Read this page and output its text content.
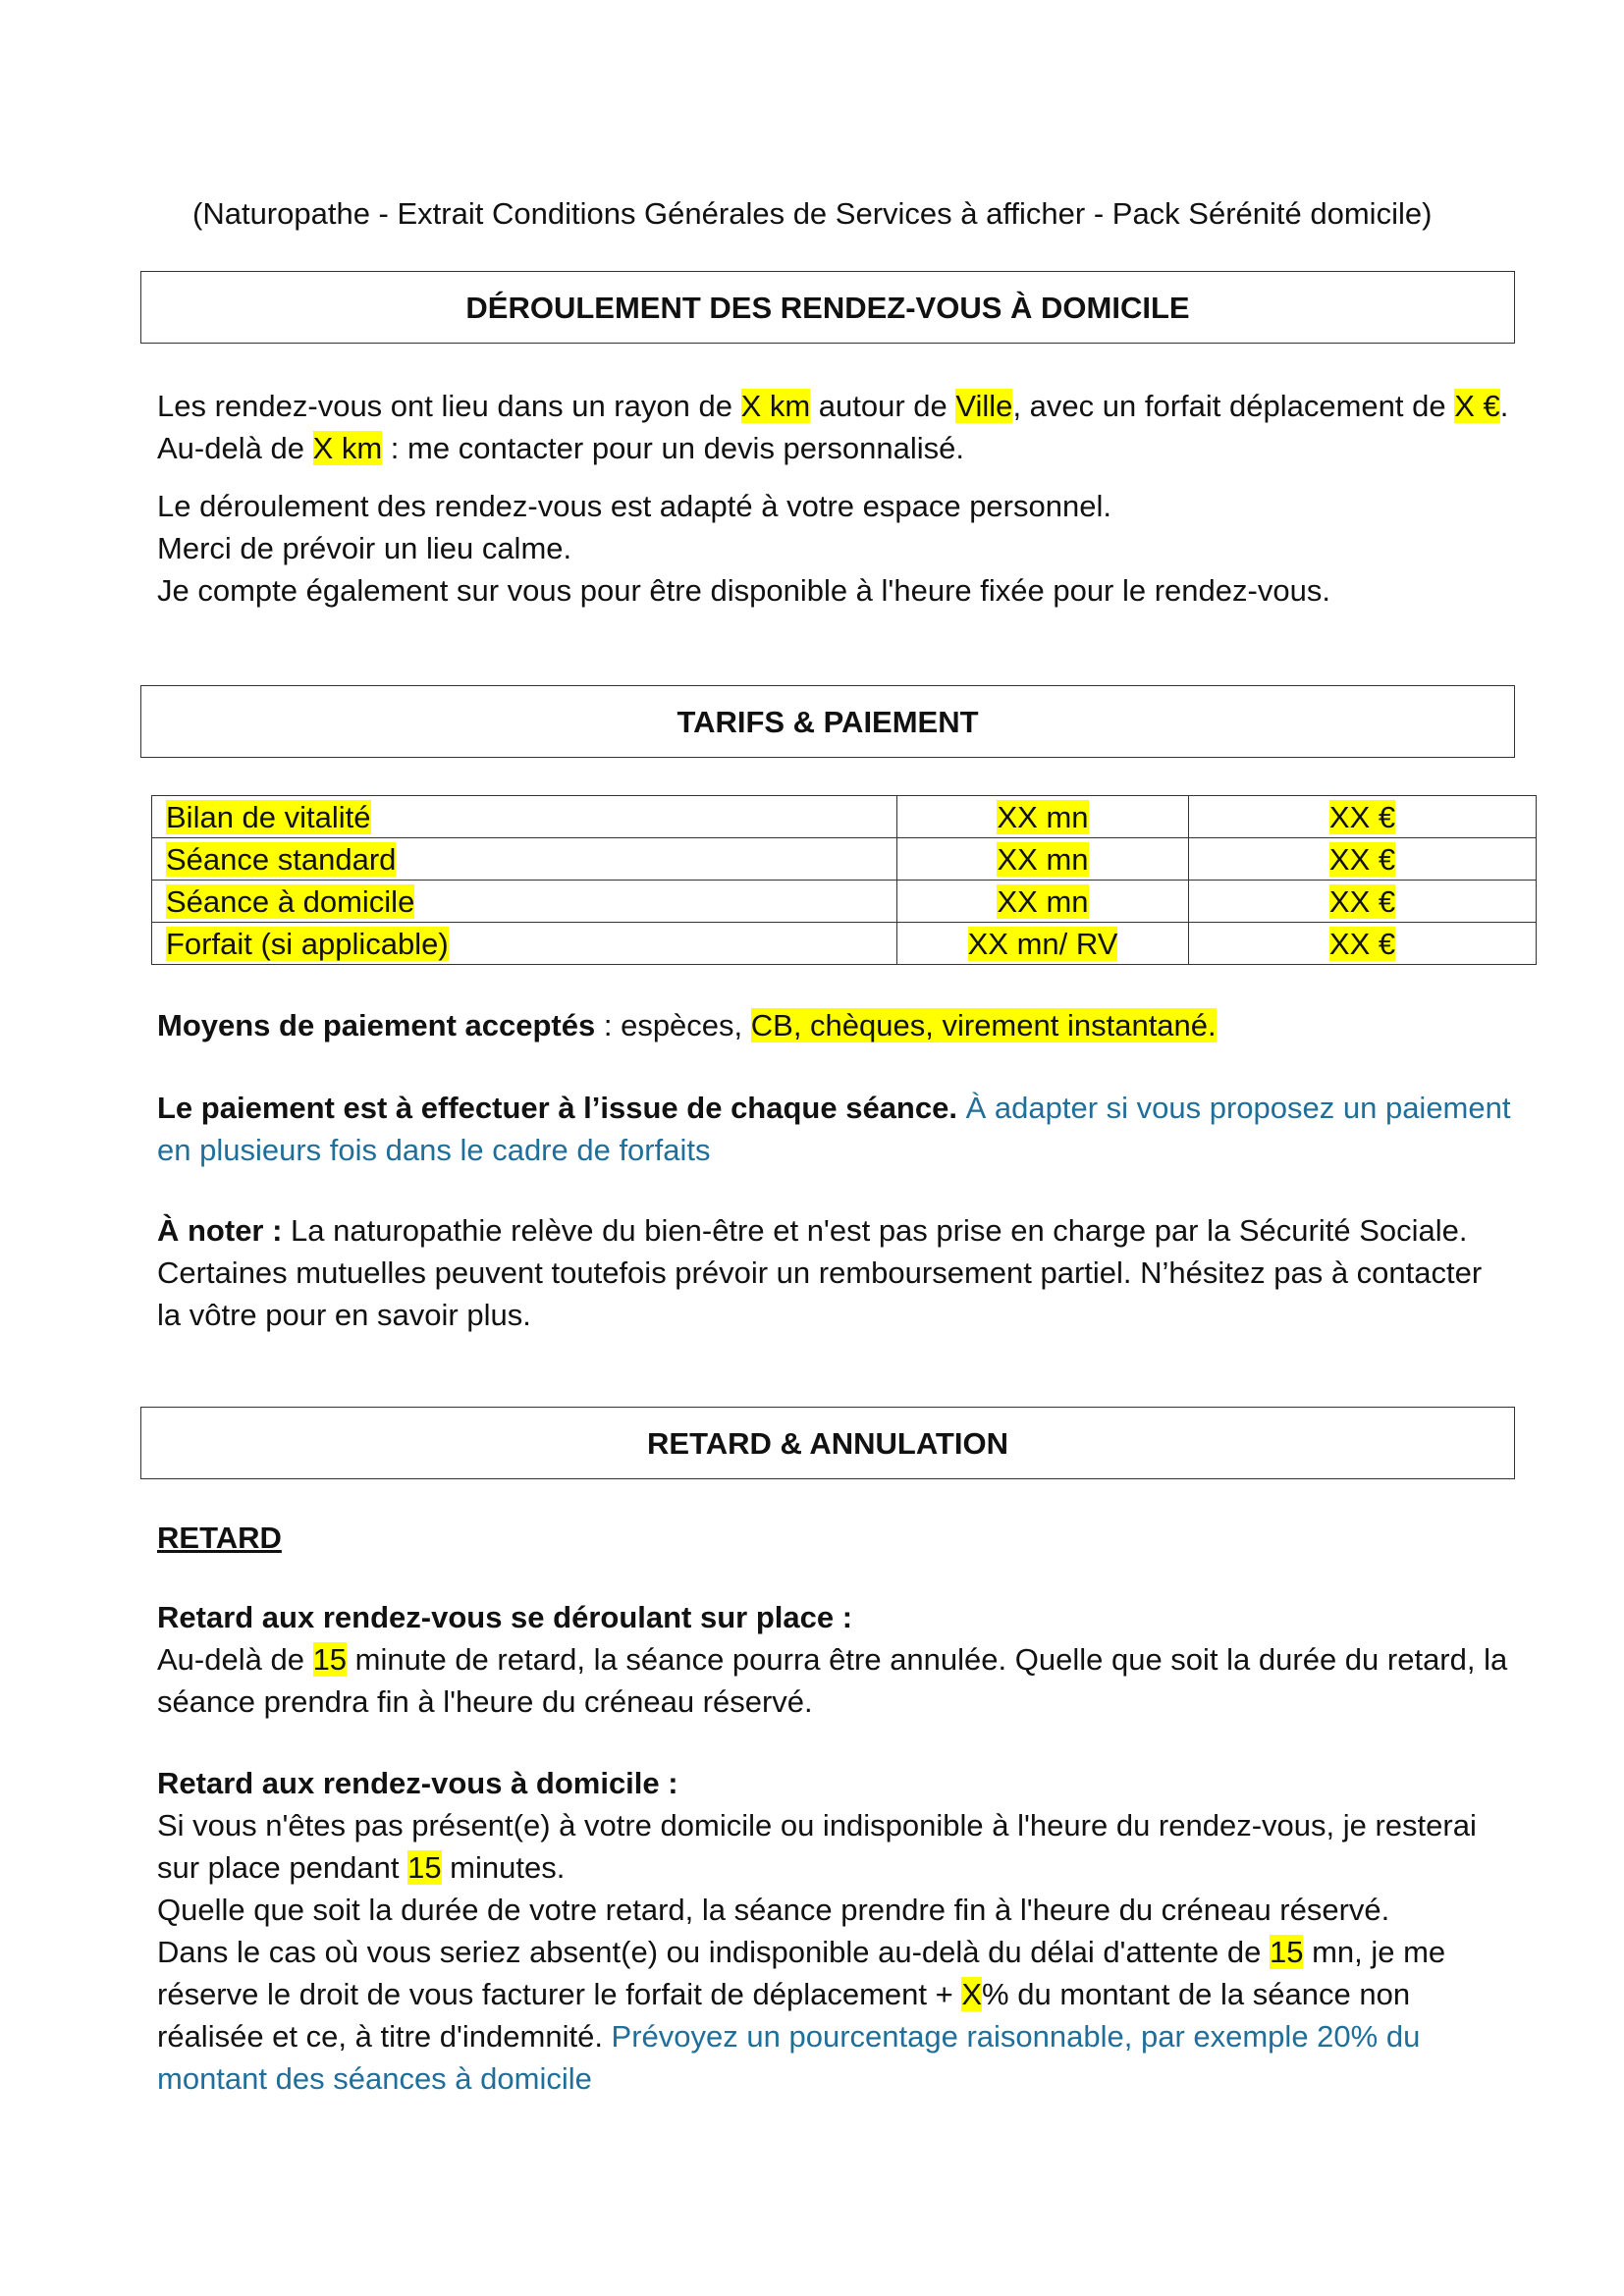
(Naturopathe - Extrait Conditions Générales de Services à afficher - Pack Sérénité domicile)
DÉROULEMENT DES RENDEZ-VOUS À DOMICILE

Les rendez-vous ont lieu dans un rayon de X km autour de Ville, avec un forfait déplacement de X €.

Au-delà de X km : me contacter pour un devis personnalisé.

Le déroulement des rendez-vous est adapté à votre espace personnel.

Merci de prévoir un lieu calme.

Je compte également sur vous pour être disponible à l'heure fixée pour le rendez-vous.

TARIFS & PAIEMENT
Bilan de vitalité	XX mn	XX €
Séance standard	XX mn	XX €
Séance à domicile	XX mn	XX €
Forfait (si applicable)	XX mn/ RV	XX €

Moyens de paiement acceptés : espèces, CB, chèques, virement instantané.

Le paiement est à effectuer à l’issue de chaque séance. À adapter si vous proposez un paiement en plusieurs fois dans le cadre de forfaits

À noter : La naturopathie relève du bien-être et n'est pas prise en charge par la Sécurité Sociale. Certaines mutuelles peuvent toutefois prévoir un remboursement partiel. N’hésitez pas à contacter la vôtre pour en savoir plus.

RETARD & ANNULATION
RETARD

Retard aux rendez-vous se déroulant sur place :

Au-delà de 15 minute de retard, la séance pourra être annulée. Quelle que soit la durée du retard, la séance prendra fin à l'heure du créneau réservé.

Retard aux rendez-vous à domicile :

Si vous n'êtes pas présent(e) à votre domicile ou indisponible à l'heure du rendez-vous, je resterai sur place pendant 15 minutes.

Quelle que soit la durée de votre retard, la séance prendre fin à l'heure du créneau réservé.

Dans le cas où vous seriez absent(e) ou indisponible au-delà du délai d'attente de 15 mn, je me réserve le droit de vous facturer le forfait de déplacement + X% du montant de la séance non réalisée et ce, à titre d'indemnité. Prévoyez un pourcentage raisonnable, par exemple 20% du montant des séances à domicile
